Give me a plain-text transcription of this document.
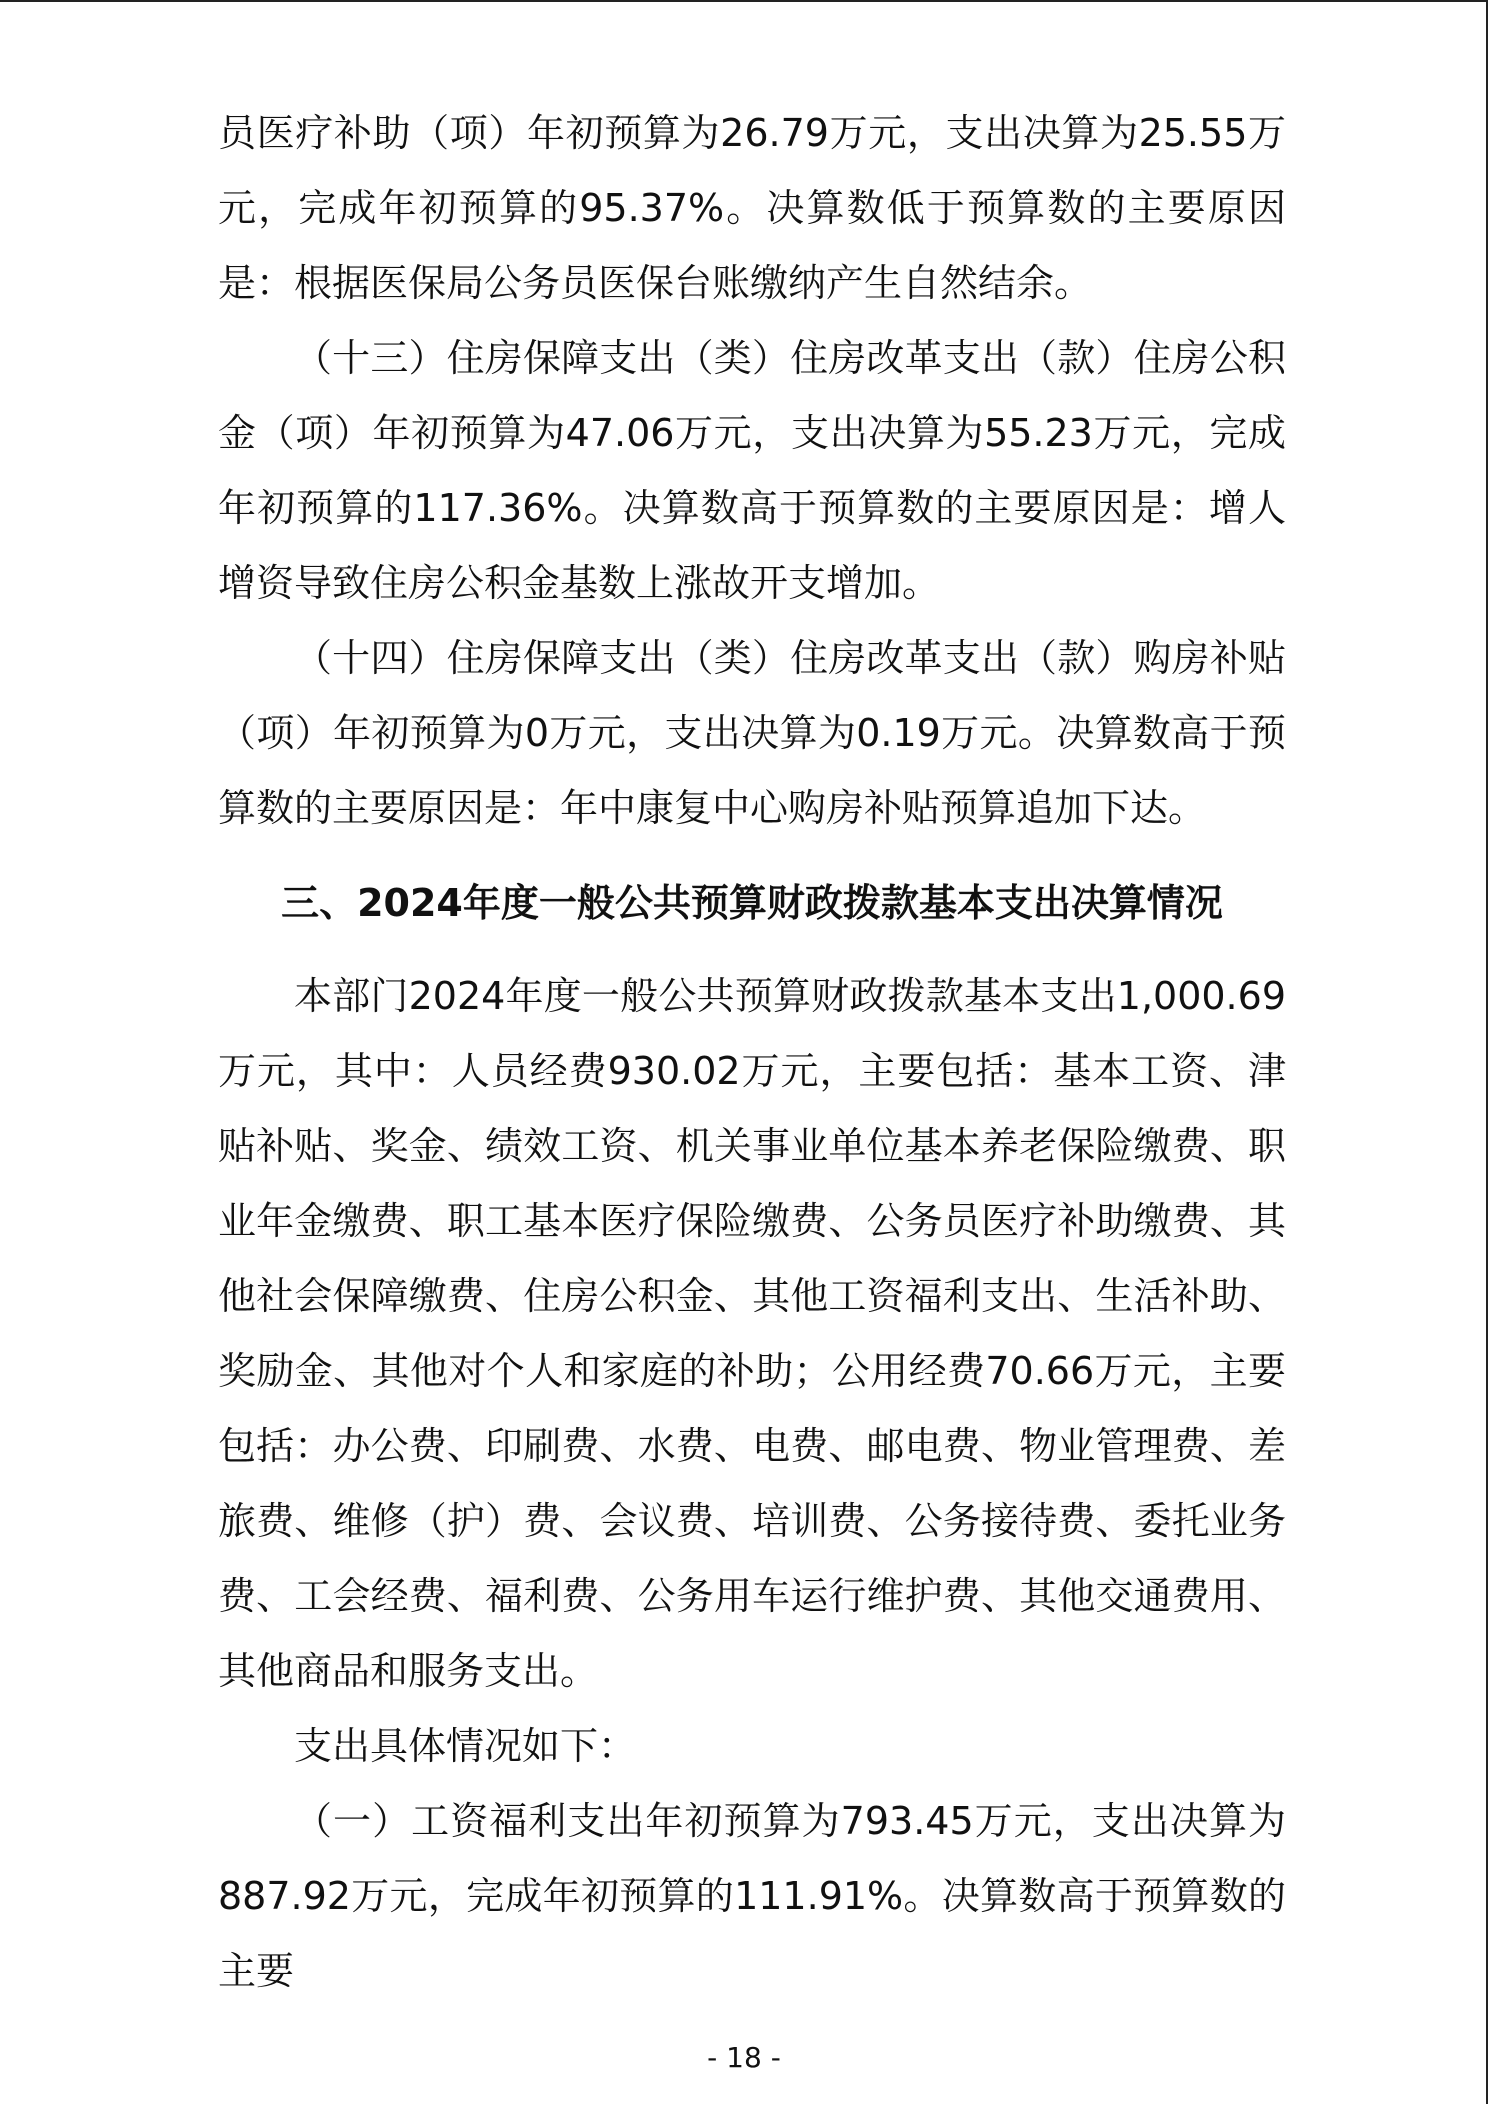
员医疗补助（项）年初预算为26.79万元，支出决算为25.55万元，完成年初预算的95.37%。决算数低于预算数的主要原因是：根据医保局公务员医保台账缴纳产生自然结余。

（十三）住房保障支出（类）住房改革支出（款）住房公积金（项）年初预算为47.06万元，支出决算为55.23万元，完成年初预算的117.36%。决算数高于预算数的主要原因是：增人增资导致住房公积金基数上涨故开支增加。

（十四）住房保障支出（类）住房改革支出（款）购房补贴（项）年初预算为0万元，支出决算为0.19万元。决算数高于预算数的主要原因是：年中康复中心购房补贴预算追加下达。

三、2024年度一般公共预算财政拨款基本支出决算情况

本部门2024年度一般公共预算财政拨款基本支出1,000.69万元，其中：人员经费930.02万元，主要包括：基本工资、津贴补贴、奖金、绩效工资、机关事业单位基本养老保险缴费、职业年金缴费、职工基本医疗保险缴费、公务员医疗补助缴费、其他社会保障缴费、住房公积金、其他工资福利支出、生活补助、奖励金、其他对个人和家庭的补助；公用经费70.66万元，主要包括：办公费、印刷费、水费、电费、邮电费、物业管理费、差旅费、维修（护）费、会议费、培训费、公务接待费、委托业务费、工会经费、福利费、公务用车运行维护费、其他交通费用、其他商品和服务支出。

支出具体情况如下：

（一）工资福利支出年初预算为793.45万元，支出决算为887.92万元，完成年初预算的111.91%。决算数高于预算数的主要

- 18 -
